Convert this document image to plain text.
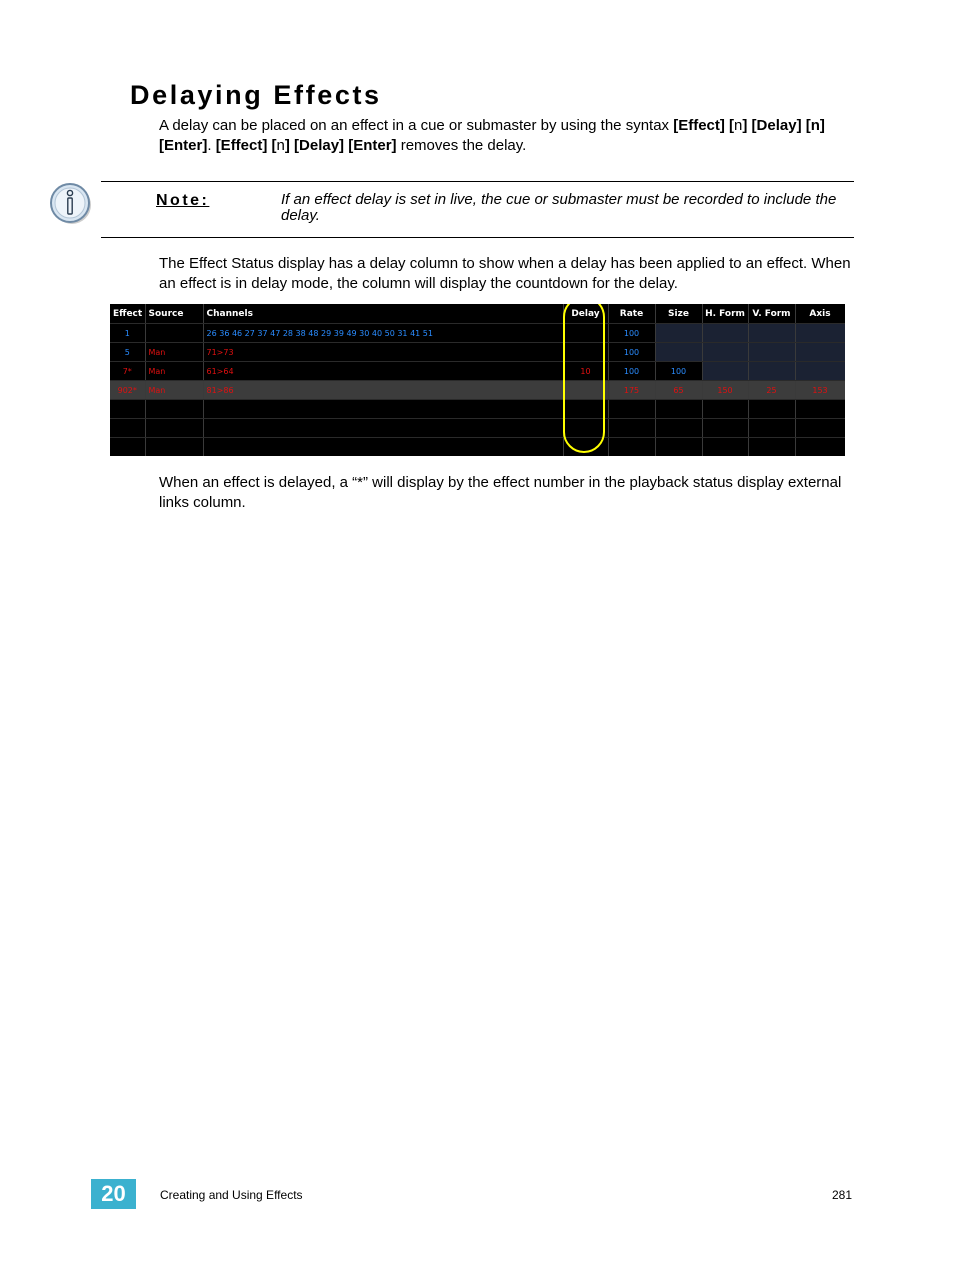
Delaying Effects

A delay can be placed on an effect in a cue or submaster by using the syntax [Effect] [n] [Delay] [n] [Enter]. [Effect] [n] [Delay] [Enter] removes the delay.

Note:	If an effect delay is set in live, the cue or submaster must be recorded to include the delay.

The Effect Status display has a delay column to show when a delay has been applied to an effect. When an effect is in delay mode, the column will display the countdown for the delay.

Effect	Source	Channels	Delay	Rate	Size	H. Form	V. Form	Axis
1		26 36 46 27 37 47 28 38 48 29 39 49 30 40 50 31 41 51		100				
5	Man	71>73		100				
7*	Man	61>64	10	100	100			
902*	Man	81>86		175	65	150	25	153

When an effect is delayed, a “*” will display by the effect number in the playback status display external links column.

20	Creating and Using Effects	281
